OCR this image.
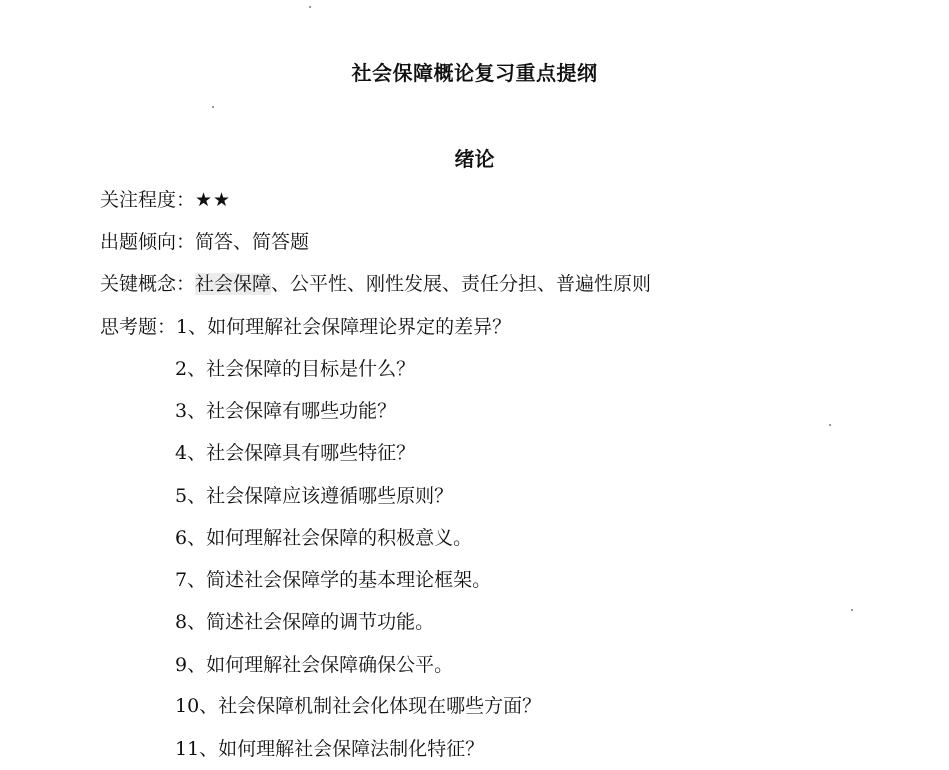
社会保障概论复习重点提纲
绪论
关注程度：★★
出题倾向：简答、简答题
关键概念：社会保障、公平性、刚性发展、责任分担、普遍性原则
思考题：1、如何理解社会保障理论界定的差异？
2、社会保障的目标是什么？
3、社会保障有哪些功能？
4、社会保障具有哪些特征？
5、社会保障应该遵循哪些原则？
6、如何理解社会保障的积极意义。
7、简述社会保障学的基本理论框架。
8、简述社会保障的调节功能。
9、如何理解社会保障确保公平。
10、社会保障机制社会化体现在哪些方面？
11、如何理解社会保障法制化特征？
